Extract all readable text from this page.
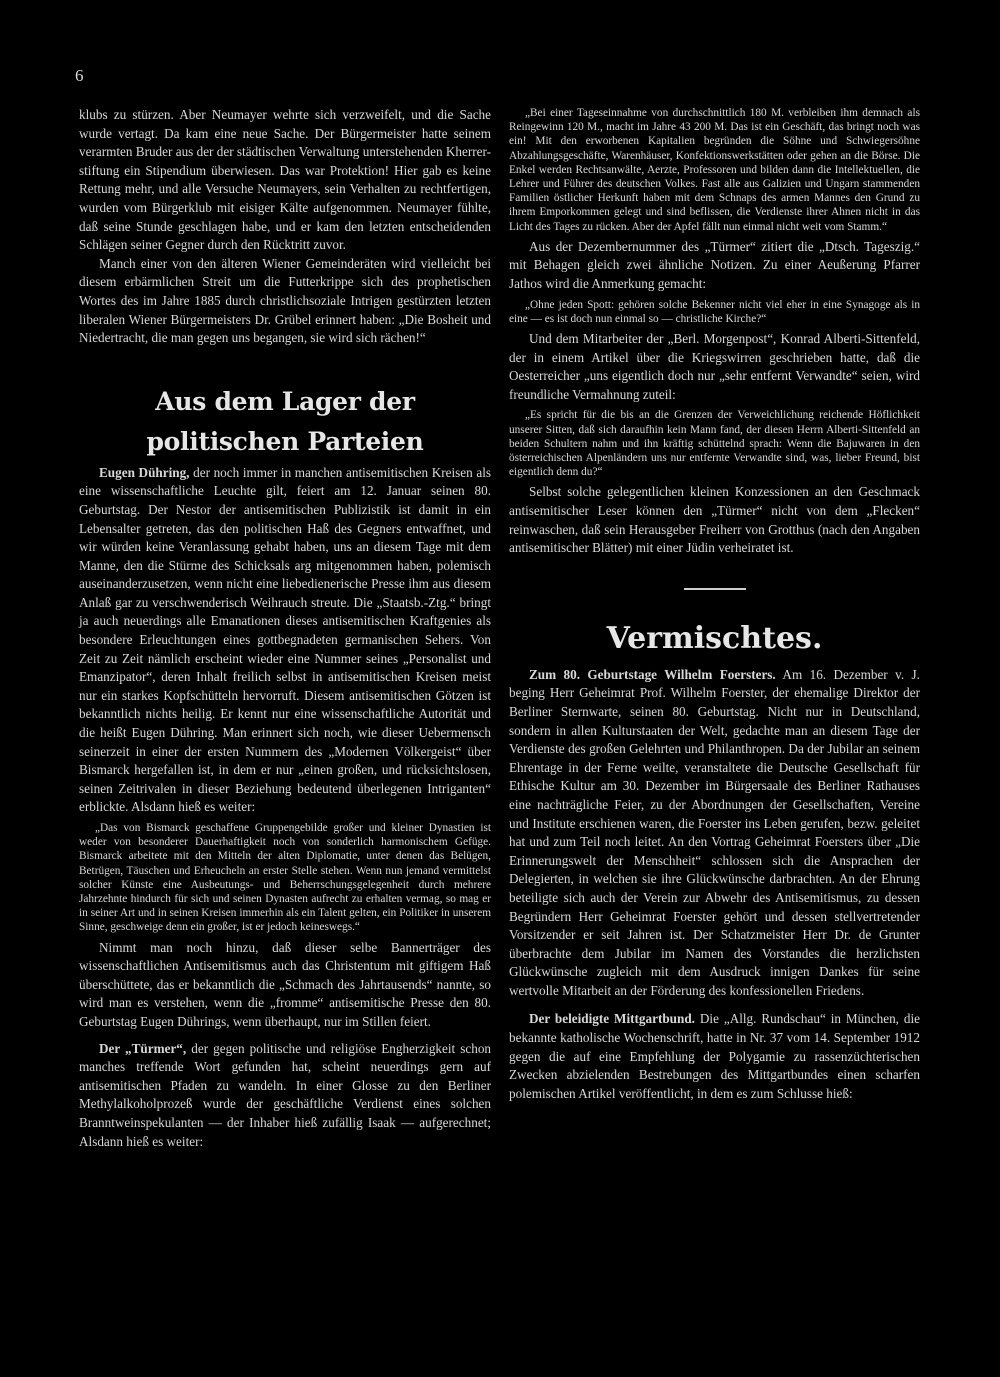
6

klubs zu stürzen. Aber Neumayer wehrte sich verzweifelt, und die Sache wurde vertagt. Da kam eine neue Sache. Der Bürgermeister hatte seinem verarmten Bruder aus der der städtischen Verwaltung unterstehenden Kherrer-stiftung ein Stipendium überwiesen. Das war Protektion! Hier gab es keine Rettung mehr, und alle Versuche Neumayers, sein Verhalten zu rechtfertigen, wurden vom Bürgerklub mit eisiger Kälte aufgenommen. Neumayer fühlte, daß seine Stunde geschlagen habe, und er kam den letzten entscheidenden Schlägen seiner Gegner durch den Rücktritt zuvor.

Manch einer von den älteren Wiener Gemeinderäten wird vielleicht bei diesem erbärmlichen Streit um die Futterkrippe sich des prophetischen Wortes des im Jahre 1885 durch christlichsoziale Intrigen gestürzten letzten liberalen Wiener Bürgermeisters Dr. Grübel erinnert haben: „Die Bosheit und Niedertracht, die man gegen uns begangen, sie wird sich rächen!“

Aus dem Lager der politischen Parteien

Eugen Dühring, der noch immer in manchen antisemitischen Kreisen als eine wissenschaftliche Leuchte gilt, feiert am 12. Januar seinen 80. Geburtstag. Der Nestor der antisemitischen Publizistik ist damit in ein Lebensalter getreten, das den politischen Haß des Gegners entwaffnet, und wir würden keine Veranlassung gehabt haben, uns an diesem Tage mit dem Manne, den die Stürme des Schicksals arg mitgenommen haben, polemisch auseinanderzusetzen, wenn nicht eine liebedienerische Presse ihm aus diesem Anlaß gar zu verschwenderisch Weihrauch streute. Die „Staatsb.-Ztg.“ bringt ja auch neuerdings alle Emanationen dieses antisemitischen Kraftgenies als besondere Erleuchtungen eines gottbegnadeten germanischen Sehers. Von Zeit zu Zeit nämlich erscheint wieder eine Nummer seines „Personalist und Emanzipator“, deren Inhalt freilich selbst in antisemitischen Kreisen meist nur ein starkes Kopfschütteln hervorruft. Diesem antisemitischen Götzen ist bekanntlich nichts heilig. Er kennt nur eine wissenschaftliche Autorität und die heißt Eugen Dühring. Man erinnert sich noch, wie dieser Uebermensch seinerzeit in einer der ersten Nummern des „Modernen Völkergeist“ über Bismarck hergefallen ist, in dem er nur „einen großen, und rücksichtslosen, seinen Zeitrivalen in dieser Beziehung bedeutend überlegenen Intriganten“ erblickte. Alsdann hieß es weiter:

„Das von Bismarck geschaffene Gruppengebilde großer und kleiner Dynastien ist weder von besonderer Dauerhaftigkeit noch von sonderlich harmonischem Gefüge. Bismarck arbeitete mit den Mitteln der alten Diplomatie, unter denen das Belügen, Betrügen, Täuschen und Erheucheln an erster Stelle stehen. Wenn nun jemand vermittelst solcher Künste eine Ausbeutungs- und Beherrschungsgelegenheit durch mehrere Jahrzehnte hindurch für sich und seinen Dynasten aufrecht zu erhalten vermag, so mag er in seiner Art und in seinen Kreisen immerhin als ein Talent gelten, ein Politiker in unserem Sinne, geschweige denn ein großer, ist er jedoch keineswegs.“

Nimmt man noch hinzu, daß dieser selbe Bannerträger des wissenschaftlichen Antisemitismus auch das Christentum mit giftigem Haß überschüttete, das er bekanntlich die „Schmach des Jahrtausends“ nannte, so wird man es verstehen, wenn die „fromme“ antisemitische Presse den 80. Geburtstag Eugen Dührings, wenn überhaupt, nur im Stillen feiert.

Der „Türmer“, der gegen politische und religiöse Engherzigkeit schon manches treffende Wort gefunden hat, scheint neuerdings gern auf antisemitischen Pfaden zu wandeln. In einer Glosse zu den Berliner Methylalkoholprozeß wurde der geschäftliche Verdienst eines solchen Branntweinspekulanten — der Inhaber hieß zufällig Isaak — aufgerechnet; Alsdann hieß es weiter:

„Bei einer Tageseinnahme von durchschnittlich 180 M. verbleiben ihm demnach als Reingewinn 120 M., macht im Jahre 43 200 M. Das ist ein Geschäft, das bringt noch was ein! Mit den erworbenen Kapitalien begründen die Söhne und Schwiegersöhne Abzahlungsgeschäfte, Warenhäuser, Konfektionswerkstätten oder gehen an die Börse. Die Enkel werden Rechtsanwälte, Aerzte, Professoren und bilden dann die Intellektuellen, die Lehrer und Führer des deutschen Volkes. Fast alle aus Galizien und Ungarn stammenden Familien östlicher Herkunft haben mit dem Schnaps des armen Mannes den Grund zu ihrem Emporkommen gelegt und sind beflissen, die Verdienste ihrer Ahnen nicht in das Licht des Tages zu rücken. Aber der Apfel fällt nun einmal nicht weit vom Stamm.“

Aus der Dezembernummer des „Türmer“ zitiert die „Dtsch. Tageszig.“ mit Behagen gleich zwei ähnliche Notizen. Zu einer Aeußerung Pfarrer Jathos wird die Anmerkung gemacht:

„Ohne jeden Spott: gehören solche Bekenner nicht viel eher in eine Synagoge als in eine — es ist doch nun einmal so — christliche Kirche?“

Und dem Mitarbeiter der „Berl. Morgenpost“, Konrad Alberti-Sittenfeld, der in einem Artikel über die Kriegswirren geschrieben hatte, daß die Oesterreicher „uns eigentlich doch nur „sehr entfernt Verwandte“ seien, wird freundliche Vermahnung zuteil:

„Es spricht für die bis an die Grenzen der Verweichlichung reichende Höflichkeit unserer Sitten, daß sich daraufhin kein Mann fand, der diesen Herrn Alberti-Sittenfeld an beiden Schultern nahm und ihn kräftig schüttelnd sprach: Wenn die Bajuwaren in den österreichischen Alpenländern uns nur entfernte Verwandte sind, was, lieber Freund, bist eigentlich denn du?“

Selbst solche gelegentlichen kleinen Konzessionen an den Geschmack antisemitischer Leser können den „Türmer“ nicht von dem „Flecken“ reinwaschen, daß sein Herausgeber Freiherr von Grotthus (nach den Angaben antisemitischer Blätter) mit einer Jüdin verheiratet ist.

Vermischtes.

Zum 80. Geburtstage Wilhelm Foersters. Am 16. Dezember v. J. beging Herr Geheimrat Prof. Wilhelm Foerster, der ehemalige Direktor der Berliner Sternwarte, seinen 80. Geburtstag. Nicht nur in Deutschland, sondern in allen Kulturstaaten der Welt, gedachte man an diesem Tage der Verdienste des großen Gelehrten und Philanthropen. Da der Jubilar an seinem Ehrentage in der Ferne weilte, veranstaltete die Deutsche Gesellschaft für Ethische Kultur am 30. Dezember im Bürgersaale des Berliner Rathauses eine nachträgliche Feier, zu der Abordnungen der Gesellschaften, Vereine und Institute erschienen waren, die Foerster ins Leben gerufen, bezw. geleitet hat und zum Teil noch leitet. An den Vortrag Geheimrat Foersters über „Die Erinnerungswelt der Menschheit“ schlossen sich die Ansprachen der Delegierten, in welchen sie ihre Glückwünsche darbrachten. An der Ehrung beteiligte sich auch der Verein zur Abwehr des Antisemitismus, zu dessen Begründern Herr Geheimrat Foerster gehört und dessen stellvertretender Vorsitzender er seit Jahren ist. Der Schatzmeister Herr Dr. de Grunter überbrachte dem Jubilar im Namen des Vorstandes die herzlichsten Glückwünsche zugleich mit dem Ausdruck innigen Dankes für seine wertvolle Mitarbeit an der Förderung des konfessionellen Friedens.

Der beleidigte Mittgartbund. Die „Allg. Rundschau“ in München, die bekannte katholische Wochenschrift, hatte in Nr. 37 vom 14. September 1912 gegen die auf eine Empfehlung der Polygamie zu rassenzüchterischen Zwecken abzielenden Bestrebungen des Mittgartbundes einen scharfen polemischen Artikel veröffentlicht, in dem es zum Schlusse hieß:
